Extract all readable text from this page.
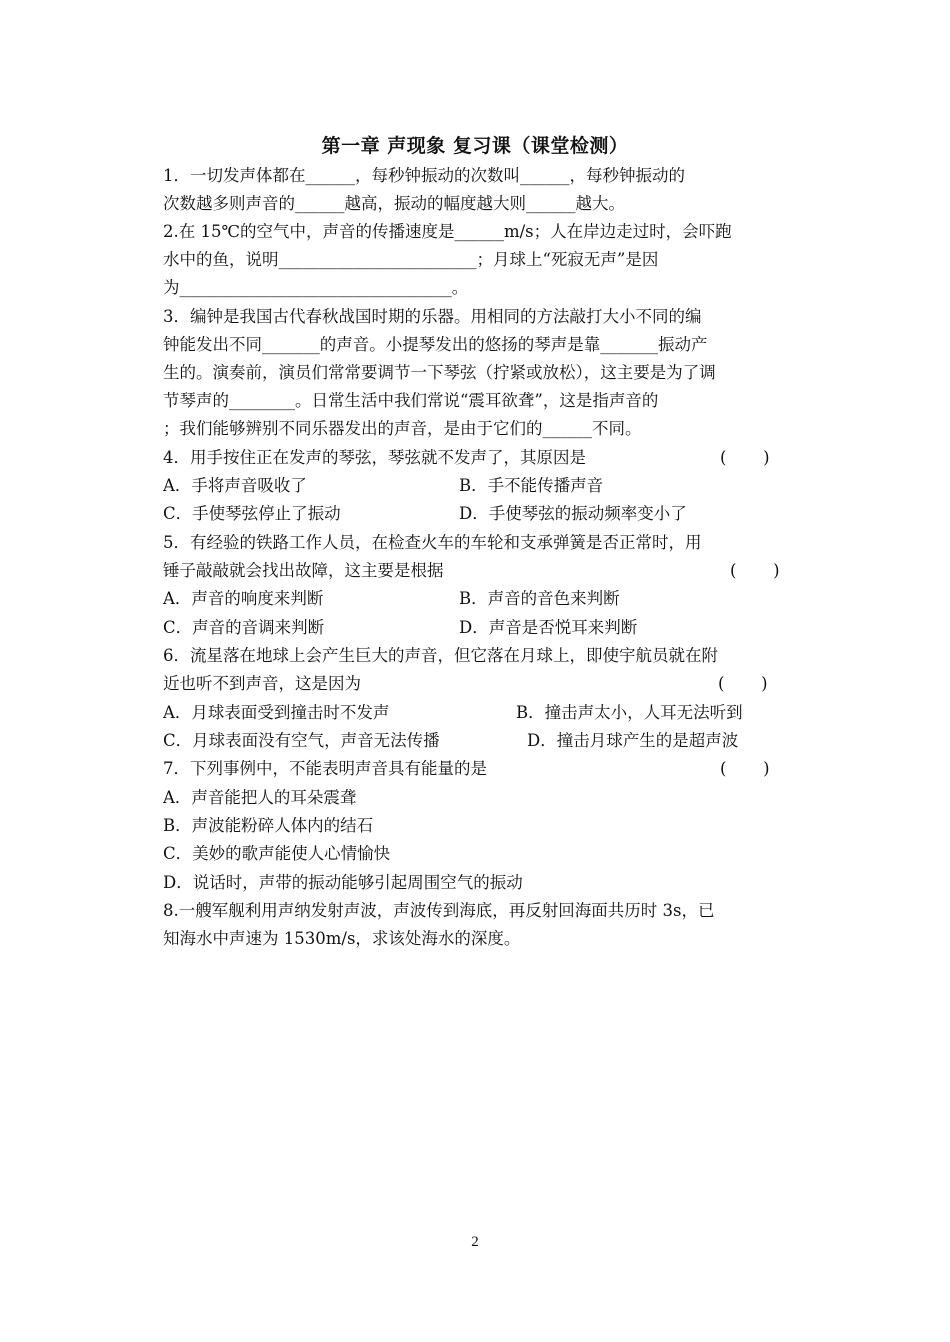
第一章 声现象 复习课（课堂检测）
1．一切发声体都在______，每秒钟振动的次数叫______，每秒钟振动的
次数越多则声音的______越高，振动的幅度越大则______越大。
2.在 15℃的空气中，声音的传播速度是______m/s；人在岸边走过时，会吓跑
水中的鱼，说明________________________；月球上“死寂无声”是因
为_________________________________。
3．编钟是我国古代春秋战国时期的乐器。用相同的方法敲打大小不同的编
钟能发出不同_______的声音。小提琴发出的悠扬的琴声是靠_______振动产
生的。演奏前，演员们常常要调节一下琴弦（拧紧或放松），这主要是为了调
节琴声的________。日常生活中我们常说“震耳欲聋”，这是指声音的
；我们能够辨别不同乐器发出的声音，是由于它们的______不同。
4．用手按住正在发声的琴弦，琴弦就不发声了，其原因是
A．手将声音吸收了
C．手使琴弦停止了振动
5．有经验的铁路工作人员，在检查火车的车轮和支承弹簧是否正常时，用
锤子敲敲就会找出故障，这主要是根据
A．声音的响度来判断
C．声音的音调来判断
6．流星落在地球上会产生巨大的声音，但它落在月球上，即使宇航员就在附
近也听不到声音，这是因为
A．月球表面受到撞击时不发声
C．月球表面没有空气，声音无法传播
7．下列事例中，不能表明声音具有能量的是
A．声音能把人的耳朵震聋
B．声波能粉碎人体内的结石
C．美妙的歌声能使人心情愉快
D．说话时，声带的振动能够引起周围空气的振动
8.一艘军舰利用声纳发射声波，声波传到海底，再反射回海面共历时 3s，已
知海水中声速为 1530m/s，求该处海水的深度。
B．手不能传播声音
D．手使琴弦的振动频率变小了
B．声音的音色来判断
D．声音是否悦耳来判断
B．撞击声太小，人耳无法听到
D．撞击月球产生的是超声波
(       )
(       )
(       )
(       )
2
